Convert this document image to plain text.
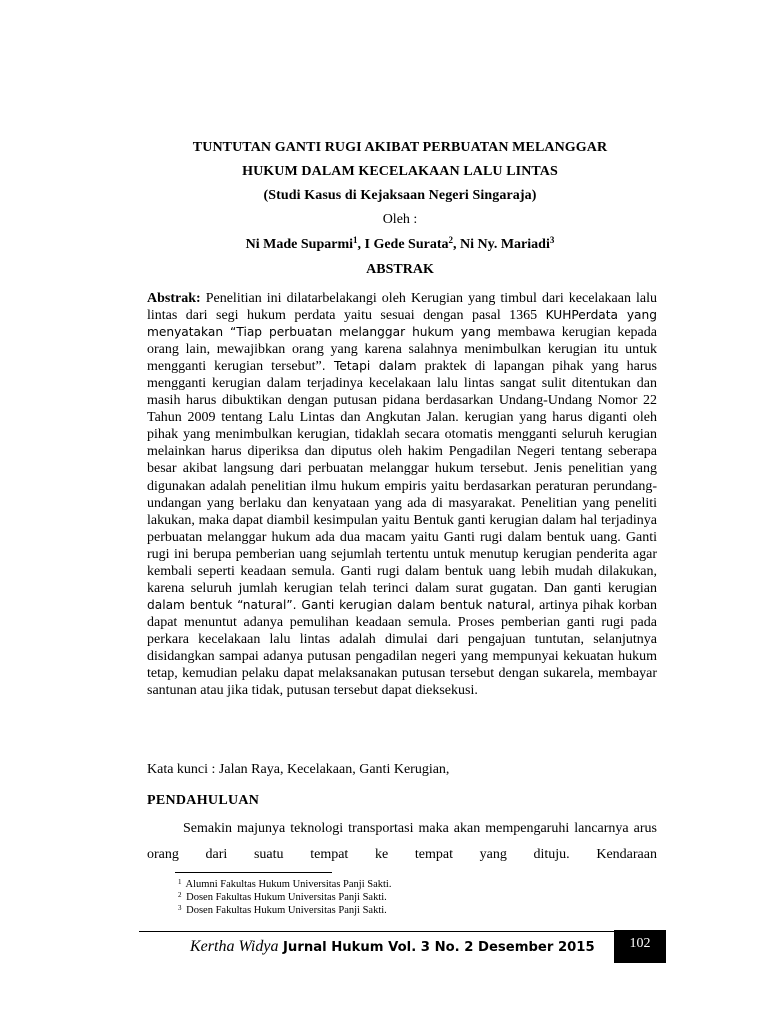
TUNTUTAN GANTI RUGI AKIBAT PERBUATAN MELANGGAR
HUKUM DALAM KECELAKAAN LALU LINTAS
(Studi Kasus di Kejaksaan Negeri Singaraja)
Oleh :
Ni Made Suparmi$^1$, I Gede Surata$^2$, Ni Ny. Mariadi$^3$
ABSTRAK
Abstrak: Penelitian ini dilatarbelakangi oleh Kerugian yang timbul dari kecelakaan lalu lintas dari segi hukum perdata yaitu sesuai dengan pasal 1365 KUHPerdata yang menyatakan “Tiap perbuatan melanggar hukum yang membawa kerugian kepada orang lain, mewajibkan orang yang karena salahnya menimbulkan kerugian itu untuk mengganti kerugian tersebut”. Tetapi dalam praktek di lapangan pihak yang harus mengganti kerugian dalam terjadinya kecelakaan lalu lintas sangat sulit ditentukan dan masih harus dibuktikan dengan putusan pidana berdasarkan Undang-Undang Nomor 22 Tahun 2009 tentang Lalu Lintas dan Angkutan Jalan. kerugian yang harus diganti oleh pihak yang menimbulkan kerugian, tidaklah secara otomatis mengganti seluruh kerugian melainkan harus diperiksa dan diputus oleh hakim Pengadilan Negeri tentang seberapa besar akibat langsung dari perbuatan melanggar hukum tersebut. Jenis penelitian yang digunakan adalah penelitian ilmu hukum empiris yaitu berdasarkan peraturan perundang-undangan yang berlaku dan kenyataan yang ada di masyarakat. Penelitian yang peneliti lakukan, maka dapat diambil kesimpulan yaitu Bentuk ganti kerugian dalam hal terjadinya perbuatan melanggar hukum ada dua macam yaitu Ganti rugi dalam bentuk uang. Ganti rugi ini berupa pemberian uang sejumlah tertentu untuk menutup kerugian penderita agar kembali seperti keadaan semula. Ganti rugi dalam bentuk uang lebih mudah dilakukan, karena seluruh jumlah kerugian telah terinci dalam surat gugatan. Dan ganti kerugian dalam bentuk “natural”. Ganti kerugian dalam bentuk natural, artinya pihak korban dapat menuntut adanya pemulihan keadaan semula. Proses pemberian ganti rugi pada perkara kecelakaan lalu lintas adalah dimulai dari pengajuan tuntutan, selanjutnya disidangkan sampai adanya putusan pengadilan negeri yang mempunyai kekuatan hukum tetap, kemudian pelaku dapat melaksanakan putusan tersebut dengan sukarela, membayar santunan atau jika tidak, putusan tersebut dapat dieksekusi.
Kata kunci : Jalan Raya, Kecelakaan, Ganti Kerugian,
PENDAHULUAN

Semakin majunya teknologi transportasi maka akan mempengaruhi lancarnya arus orang dari suatu tempat ke tempat yang dituju. Kendaraan

$^1$ Alumni Fakultas Hukum Universitas Panji Sakti.
$^2$ Dosen Fakultas Hukum Universitas Panji Sakti.
$^3$ Dosen Fakultas Hukum Universitas Panji Sakti.
Kertha Widya Jurnal Hukum Vol. 3 No. 2 Desember 2015	102
